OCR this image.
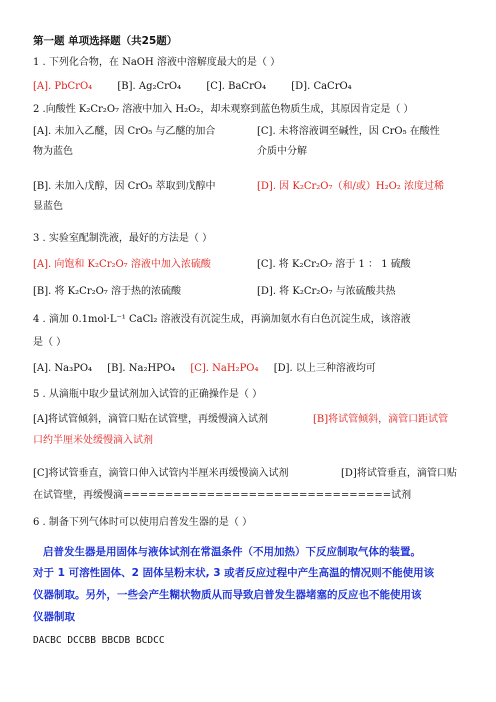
第一题 单项选择题（共25题）
1 . 下列化合物，在 NaOH 溶液中溶解度最大的是（ ）
[A]. PbCrO₄	[B]. Ag₂CrO₄	[C]. BaCrO₄	[D]. CaCrO₄
2 .向酸性 K₂Cr₂O₇ 溶液中加入 H₂O₂，却未观察到蓝色物质生成，其原因肯定是（ ）
[A]. 未加入乙醚，因 CrO₅ 与乙醚的加合	[C]. 未将溶液调至碱性，因 CrO₅ 在酸性
物为蓝色	介质中分解
[B]. 未加入戊醇，因 CrO₅ 萃取到戊醇中	[D]. 因 K₂Cr₂O₇（和/或）H₂O₂ 浓度过稀
显蓝色
3 . 实验室配制洗液，最好的方法是（ ）
[A]. 向饱和 K₂Cr₂O₇ 溶液中加入浓硫酸	[C]. 将 K₂Cr₂O₇ 溶于 1 ： 1 硫酸
[B]. 将 K₂Cr₂O₇ 溶于热的浓硫酸	[D]. 将 K₂Cr₂O₇ 与浓硫酸共热
4 . 滴加 0.1mol·L⁻¹ CaCl₂ 溶液没有沉淀生成，再滴加氨水有白色沉淀生成，该溶液
是（ ）
[A]. Na₃PO₄ [B]. Na₂HPO₄ [C]. NaH₂PO₄ [D]. 以上三种溶液均可
5 . 从滴瓶中取少量试剂加入试管的正确操作是（ ）
[A]将试管倾斜，滴管口贴在试管壁，再缓慢滴入试剂	[B]将试管倾斜，滴管口距试管
口约半厘米处缓慢滴入试剂
[C]将试管垂直，滴管口伸入试管内半厘米再缓慢滴入试剂	[D]将试管垂直，滴管口贴
在试管壁，再缓慢滴================================试剂
6 . 制备下列气体时可以使用启普发生器的是（ ）
启普发生器是用固体与液体试剂在常温条件（不用加热）下反应制取气体的装置。
对于 1 可溶性固体、2 固体呈粉末状, 3 或者反应过程中产生高温的情况则不能使用该
仪器制取。另外，一些会产生糊状物质从而导致启普发生器堵塞的反应也不能使用该
仪器制取
DACBC DCCBB BBCDB BCDCC
